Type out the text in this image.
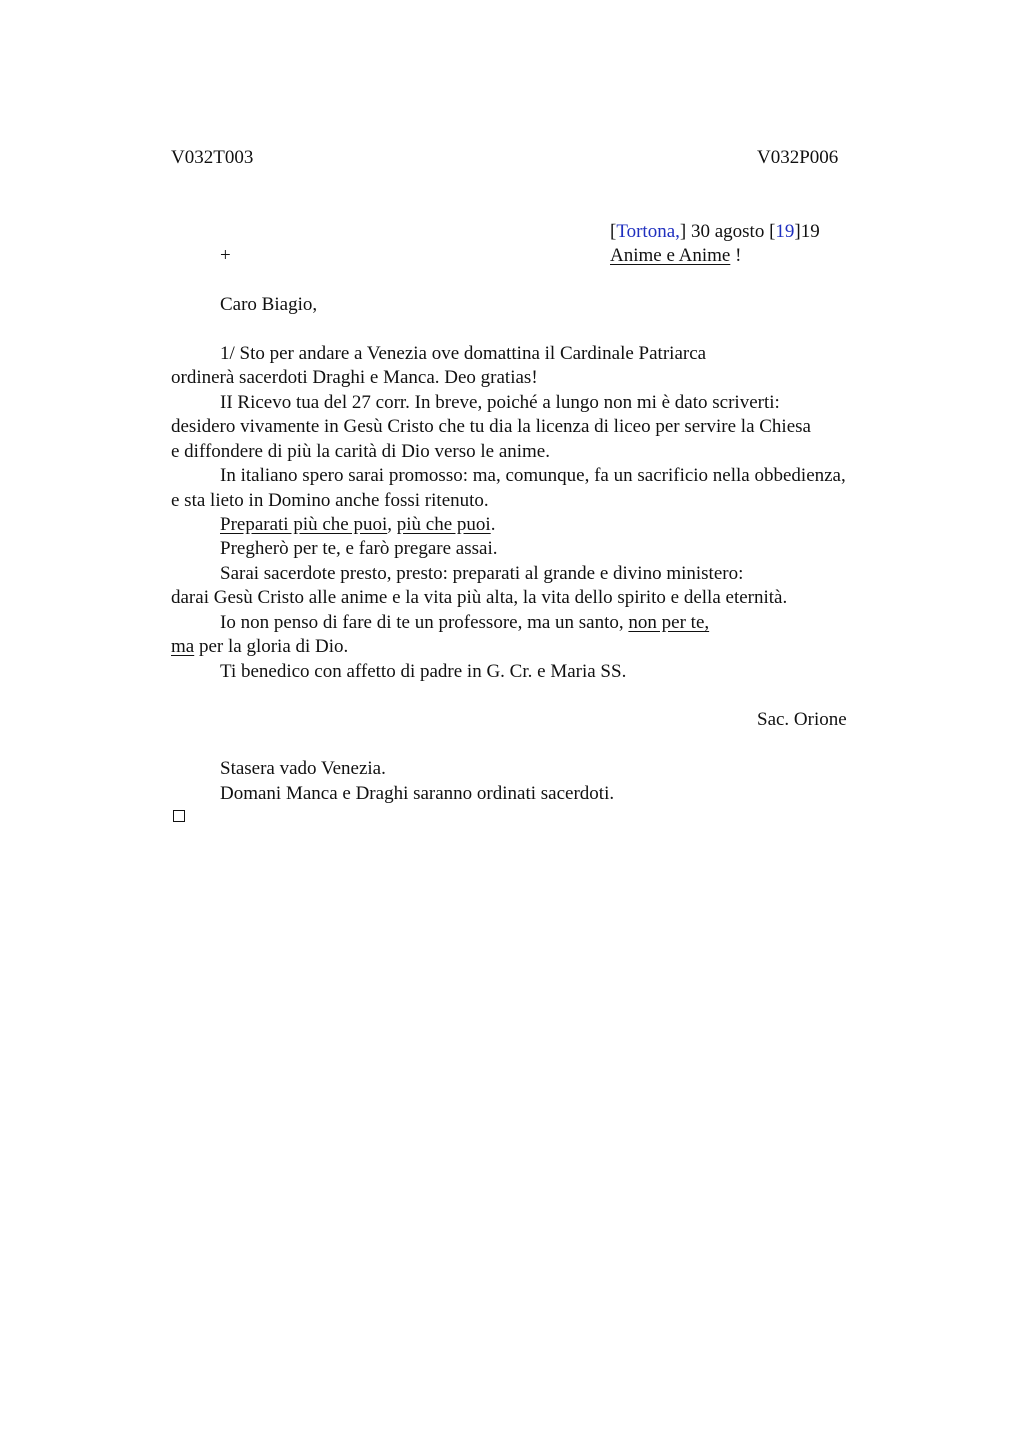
V032T003	V032P006
[Tortona,] 30 agosto [19]19
+	Anime e Anime !
Caro Biagio,
1/ Sto per andare a Venezia ove domattina il Cardinale Patriarca
ordinerà sacerdoti Draghi e Manca. Deo gratias!
II Ricevo tua del 27 corr. In breve, poiché a lungo non mi è dato scriverti:
desidero vivamente in Gesù Cristo che tu dia la licenza di liceo per servire la Chiesa
e diffondere di più la carità di Dio verso le anime.
In italiano spero sarai promosso: ma, comunque, fa un sacrificio nella obbedienza,
e sta lieto in Domino anche fossi ritenuto.
Preparati più che puoi, più che puoi.
Pregherò per te, e farò pregare assai.
Sarai sacerdote presto, presto: preparati al grande e divino ministero:
darai Gesù Cristo alle anime e la vita più alta, la vita dello spirito e della eternità.
Io non penso di fare di te un professore, ma un santo, non per te,
ma per la gloria di Dio.
Ti benedico con affetto di padre in G. Cr. e Maria SS.
Sac. Orione
Stasera vado Venezia.
Domani Manca e Draghi saranno ordinati sacerdoti.
